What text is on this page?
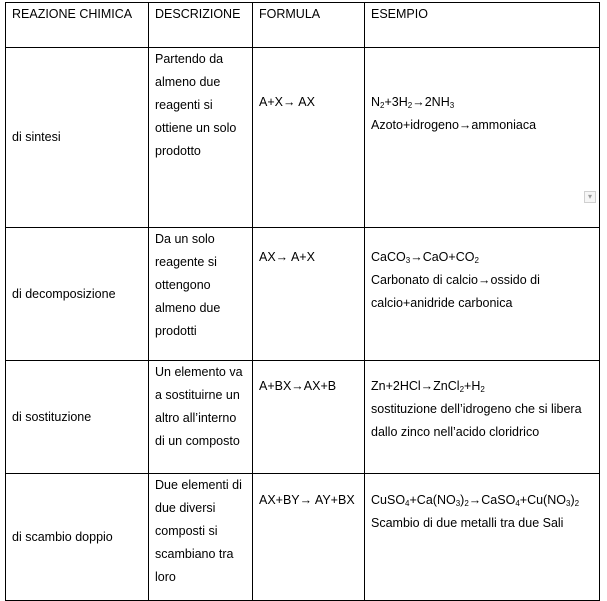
REAZIONE CHIMICA	DESCRIZIONE	FORMULA	ESEMPIO
di sintesi	Partendo da almeno due reagenti si ottiene un solo prodotto	A+X→ AX	$N_2+3H_2\to 2NH_3$
Azoto+idrogeno→ammoniaca

di decomposizione	Da un solo reagente si ottengono almeno due prodotti	AX→ A+X	$CaCO_3\to CaO+CO_2$
Carbonato di calcio→ossido di calcio+anidride carbonica

di sostituzione	Un elemento va a sostituirne un altro all’interno di un composto	A+BX→AX+B	$Zn+2HCl\to ZnCl_2+H_2$
sostituzione dell’idrogeno che si libera dallo zinco nell’acido cloridrico

di scambio doppio	Due elementi di due diversi composti si scambiano tra loro	AX+BY→ AY+BX	$CuSO_4+Ca(NO_3)_2\to CaSO_4+Cu(NO_3)_2$
Scambio di due metalli tra due Sali
▾
